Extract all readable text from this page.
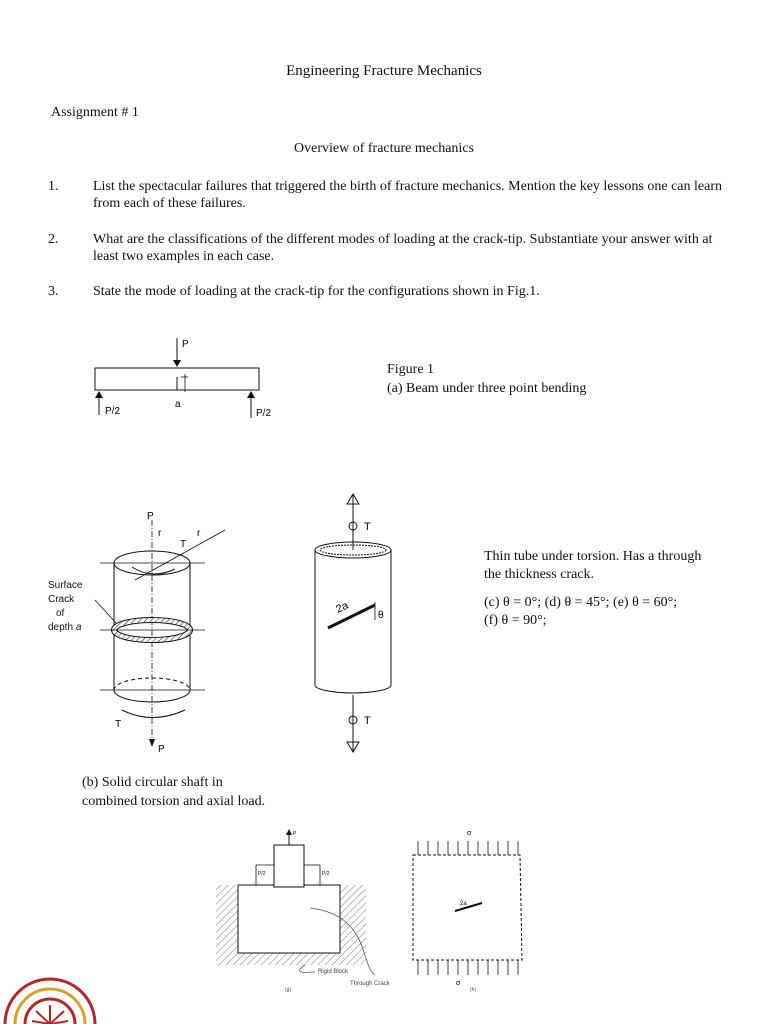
Engineering Fracture Mechanics
Assignment # 1
Overview of fracture mechanics
1.	List the spectacular failures that triggered the birth of fracture mechanics. Mention the key lessons one can learn from each of these failures.
2.	What are the classifications of the different modes of loading at the crack-tip. Substantiate your answer with at least two examples in each case.
3.	State the mode of loading at the crack-tip for the configurations shown in Fig.1.
Figure 1
(a) Beam under three point bending
P
a
P/2	P/2
P
P
r	r
T
T
Surface
Crack
of
depth a
T
2a	θ
T
Thin tube under torsion. Has a through
the thickness crack.
(c) θ = 0°; (d) θ = 45°; (e) θ = 60°;
(f) θ = 90°;
(b) Solid circular shaft in
combined torsion and axial load.
P
P/2	P/2
Rigid Block
Through Crack
(g)
σ
σ
2a
(h)
